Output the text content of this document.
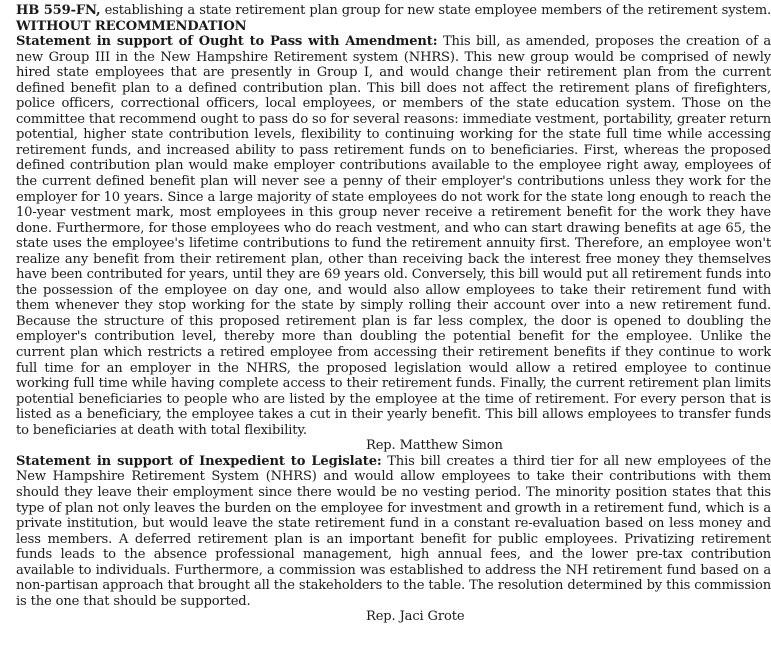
HB 559-FN, establishing a state retirement plan group for new state employee members of the retirement system. WITHOUT RECOMMENDATION

Statement in support of Ought to Pass with Amendment: This bill, as amended, proposes the creation of a new Group III in the New Hampshire Retirement system (NHRS). This new group would be comprised of newly hired state employees that are presently in Group I, and would change their retirement plan from the current defined benefit plan to a defined contribution plan. This bill does not affect the retirement plans of firefighters, police officers, correctional officers, local employees, or members of the state education system. Those on the committee that recommend ought to pass do so for several reasons: immediate vestment, portability, greater return potential, higher state contribution levels, flexibility to continuing working for the state full time while accessing retirement funds, and increased ability to pass retirement funds on to beneficiaries. First, whereas the proposed defined contribution plan would make employer contributions available to the employee right away, employees of the current defined benefit plan will never see a penny of their employer's contributions unless they work for the employer for 10 years. Since a large majority of state employees do not work for the state long enough to reach the 10-year vestment mark, most employees in this group never receive a retirement benefit for the work they have done. Furthermore, for those employees who do reach vestment, and who can start drawing benefits at age 65, the state uses the employee's lifetime contributions to fund the retirement annuity first. Therefore, an employee won't realize any benefit from their retirement plan, other than receiving back the interest free money they themselves have been contributed for years, until they are 69 years old. Conversely, this bill would put all retirement funds into the possession of the employee on day one, and would also allow employees to take their retirement fund with them whenever they stop working for the state by simply rolling their account over into a new retirement fund. Because the structure of this proposed retirement plan is far less complex, the door is opened to doubling the employer's contribution level, thereby more than doubling the potential benefit for the employee. Unlike the current plan which restricts a retired employee from accessing their retirement benefits if they continue to work full time for an employer in the NHRS, the proposed legislation would allow a retired employee to continue working full time while having complete access to their retirement funds. Finally, the current retirement plan limits potential beneficiaries to people who are listed by the employee at the time of retirement. For every person that is listed as a beneficiary, the employee takes a cut in their yearly benefit. This bill allows employees to transfer funds to beneficiaries at death with total flexibility.

Rep. Matthew Simon

Statement in support of Inexpedient to Legislate: This bill creates a third tier for all new employees of the New Hampshire Retirement System (NHRS) and would allow employees to take their contributions with them should they leave their employment since there would be no vesting period. The minority position states that this type of plan not only leaves the burden on the employee for investment and growth in a retirement fund, which is a private institution, but would leave the state retirement fund in a constant re-evaluation based on less money and less members. A deferred retirement plan is an important benefit for public employees. Privatizing retirement funds leads to the absence professional management, high annual fees, and the lower pre-tax contribution available to individuals. Furthermore, a commission was established to address the NH retirement fund based on a non-partisan approach that brought all the stakeholders to the table. The resolution determined by this commission is the one that should be supported.

Rep. Jaci Grote
